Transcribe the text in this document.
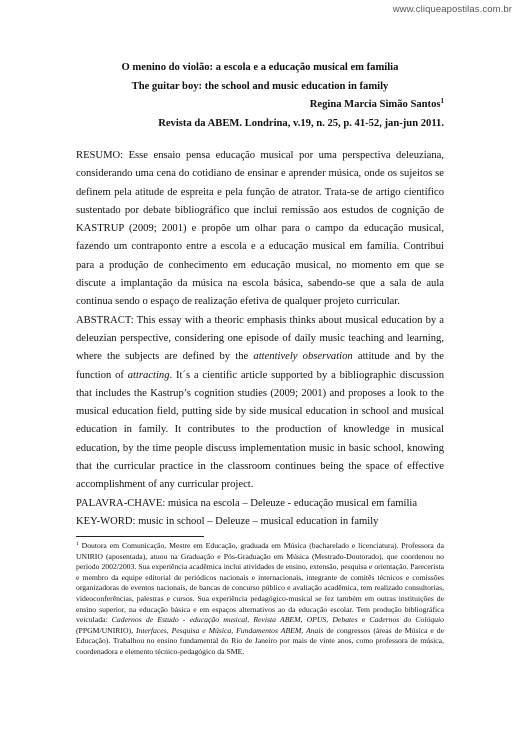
www.cliqueapostilas.com.br
O menino do violão: a escola e a educação musical em família
The guitar boy: the school and music education in family
Regina Marcia Simão Santos$^1$
Revista da ABEM. Londrina, v.19, n. 25, p. 41-52, jan-jun 2011.

RESUMO: Esse ensaio pensa educação musical por uma perspectiva deleuziana, considerando uma cena do cotidiano de ensinar e aprender música, onde os sujeitos se definem pela atitude de espreita e pela função de atrator. Trata-se de artigo científico sustentado por debate bibliográfico que inclui remissão aos estudos de cognição de KASTRUP (2009; 2001) e propõe um olhar para o campo da educação musical, fazendo um contraponto entre a escola e a educação musical em família. Contribui para a produção de conhecimento em educação musical, no momento em que se discute a implantação da música na escola básica, sabendo-se que a sala de aula continua sendo o espaço de realização efetiva de qualquer projeto curricular.

ABSTRACT: This essay with a theoric emphasis thinks about musical education by a deleuzian perspective, considering one episode of daily music teaching and learning, where the subjects are defined by the attentively observation attitude and by the function of attracting. It´s a cientific article supported by a bibliographic discussion that includes the Kastrup’s cognition studies (2009; 2001) and proposes a look to the musical education field, putting side by side musical education in school and musical education in family. It contributes to the production of knowledge in musical education, by the time people discuss implementation music in basic school, knowing that the curricular practice in the classroom continues being the space of effective accomplishment of any curricular project.

PALAVRA-CHAVE: música na escola – Deleuze - educação musical em família

KEY-WORD: music in school – Deleuze – musical education in family

$^1$ Doutora em Comunicação, Mestre em Educação, graduada em Música (bacharelado e licenciatura). Professora da UNIRIO (aposentada), atuou na Graduação e Pós-Graduação em Música (Mestrado-Doutorado), que coordenou no período 2002/2003. Sua experiência acadêmica inclui atividades de ensino, extensão, pesquisa e orientação. Parecerista e membro da equipe editorial de periódicos nacionais e internacionais, integrante de comitês técnicos e comissões organizadoras de eventos nacionais, de bancas de concurso público e avaliação acadêmica, tem realizado consultorias, videoconferências, palestras e cursos. Sua experiência pedagógico-musical se fez também em outras instituições de ensino superior, na educação básica e em espaços alternativos ao da educação escolar. Tem produção bibliográfica veiculada: Cadernos de Estudo - educação musical, Revista ABEM, OPUS, Debates e Cadernos do Colóquio (PPGM/UNIRIO), Interfaces, Pesquisa e Música, Fundamentos ABEM, Anais de congressos (áreas de Música e de Educação). Trabalhou no ensino fundamental do Rio de Janeiro por mais de vinte anos, como professora de música, coordenadora e elemento técnico-pedagógico da SME.
